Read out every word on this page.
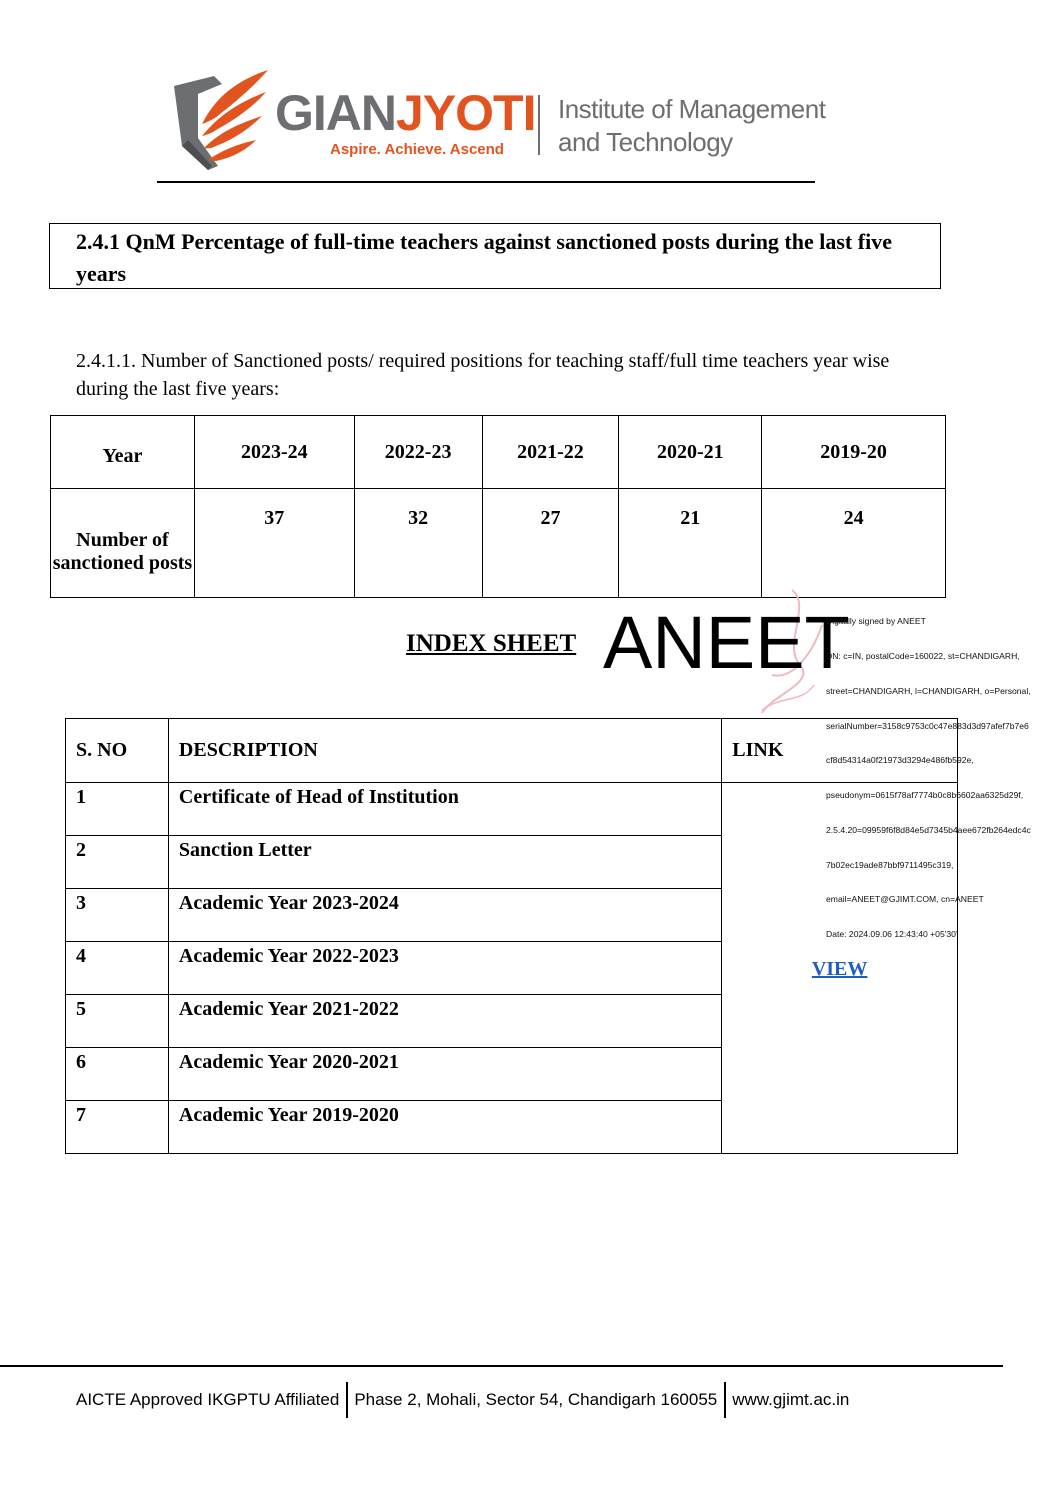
GIANJYOTI
Aspire. Achieve. Ascend
Institute of Management
and Technology
2.4.1 QnM Percentage of full-time teachers against sanctioned posts during the last five years
2.4.1.1. Number of Sanctioned posts/ required positions for teaching staff/full time teachers year wise during the last five years:
Year	2023-24	2022-23	2021-22	2020-21	2019-20
Number of sanctioned posts	37	32	27	21	24
INDEX SHEET ANEET

Digitally signed by ANEET

DN: c=IN, postalCode=160022, st=CHANDIGARH,

street=CHANDIGARH, l=CHANDIGARH, o=Personal,

serialNumber=3158c9753c0c47e883d3d97afef7b7e6

cf8d54314a0f21973d3294e486fb592e,

pseudonym=0615f78af7774b0c8b6602aa6325d29f,

2.5.4.20=09959f6f8d84e5d7345b4aee672fb264edc4c

7b02ec19ade87bbf9711495c319,

email=ANEET@GJIMT.COM, cn=ANEET

Date: 2024.09.06 12:43:40 +05'30'

S. NO	DESCRIPTION	LINK
1	Certificate of Head of Institution	VIEW
2	Sanction Letter	
3	Academic Year 2023-2024	
4	Academic Year 2022-2023	
5	Academic Year 2021-2022	
6	Academic Year 2020-2021	
7	Academic Year 2019-2020	
AICTE Approved IKGPTU Affiliated Phase 2, Mohali, Sector 54, Chandigarh 160055 www.gjimt.ac.in
